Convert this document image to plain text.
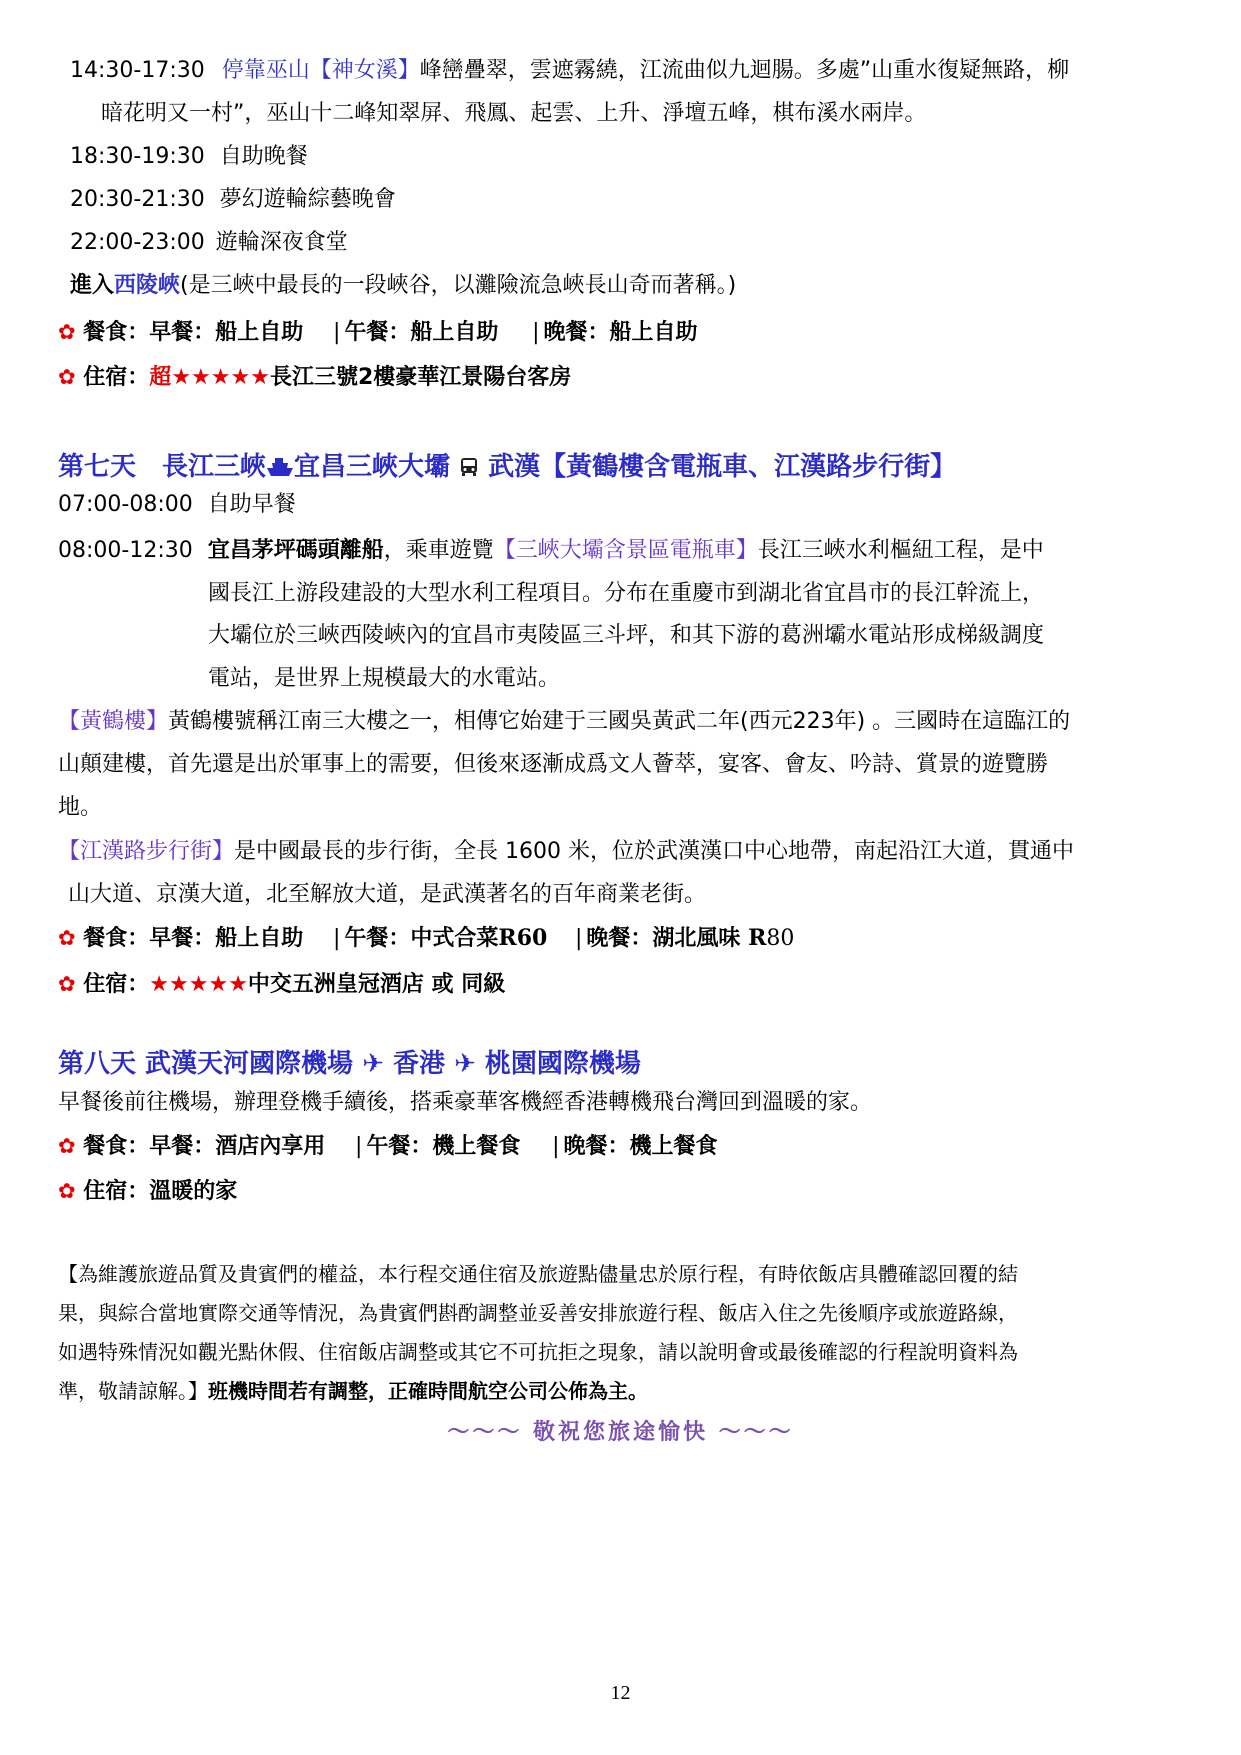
14:30-17:30 停靠巫山【神女溪】峰巒疊翠，雲遮霧繞，江流曲似九迴腸。多處”山重水復疑無路，柳
暗花明又一村”，巫山十二峰知翠屏、飛鳳、起雲、上升、淨壇五峰，棋布溪水兩岸。
18:30-19:30 自助晚餐
20:30-21:30 夢幻遊輪綜藝晚會
22:00-23:00 遊輪深夜食堂
進入西陵峽(是三峽中最長的一段峽谷，以灘險流急峽長山奇而著稱。)
✿ 餐食：早餐：船上自助 | 午餐：船上自助 | 晚餐：船上自助
✿ 住宿：超★★★★★長江三號2樓豪華江景陽台客房
第七天　長江三峽 宜昌三峽大壩 武漢【黃鶴樓含電瓶車、江漢路步行街】
07:00-08:00 自助早餐
08:00-12:30 宜昌茅坪碼頭離船，乘車遊覽【三峽大壩含景區電瓶車】長江三峽水利樞紐工程，是中
國長江上游段建設的大型水利工程項目。分布在重慶市到湖北省宜昌市的長江幹流上，
大壩位於三峽西陵峽內的宜昌市夷陵區三斗坪，和其下游的葛洲壩水電站形成梯級調度
電站，是世界上規模最大的水電站。
【黃鶴樓】黃鶴樓號稱江南三大樓之一，相傳它始建于三國吳黃武二年(西元223年) 。三國時在這臨江的
山顛建樓，首先還是出於軍事上的需要，但後來逐漸成爲文人薈萃，宴客、會友、吟詩、賞景的遊覽勝
地。
【江漢路步行街】是中國最長的步行街，全長 1600 米，位於武漢漢口中心地帶，南起沿江大道，貫通中
山大道、京漢大道，北至解放大道，是武漢著名的百年商業老街。
✿ 餐食：早餐：船上自助 | 午餐：中式合菜R60 | 晚餐：湖北風味 R80
✿ 住宿：★★★★★中交五洲皇冠酒店 或 同級
第八天 武漢天河國際機場 ✈ 香港 ✈ 桃園國際機場
早餐後前往機場，辦理登機手續後，搭乘豪華客機經香港轉機飛台灣回到溫暖的家。
✿ 餐食：早餐：酒店內享用 | 午餐：機上餐食 | 晚餐：機上餐食
✿ 住宿：溫暖的家
【為維護旅遊品質及貴賓們的權益，本行程交通住宿及旅遊點儘量忠於原行程，有時依飯店具體確認回覆的結
果，與綜合當地實際交通等情況，為貴賓們斟酌調整並妥善安排旅遊行程、飯店入住之先後順序或旅遊路線，
如遇特殊情況如觀光點休假、住宿飯店調整或其它不可抗拒之現象，請以說明會或最後確認的行程說明資料為
準，敬請諒解。】班機時間若有調整，正確時間航空公司公佈為主。
～～～ 敬祝您旅途愉快 ～～～
12
